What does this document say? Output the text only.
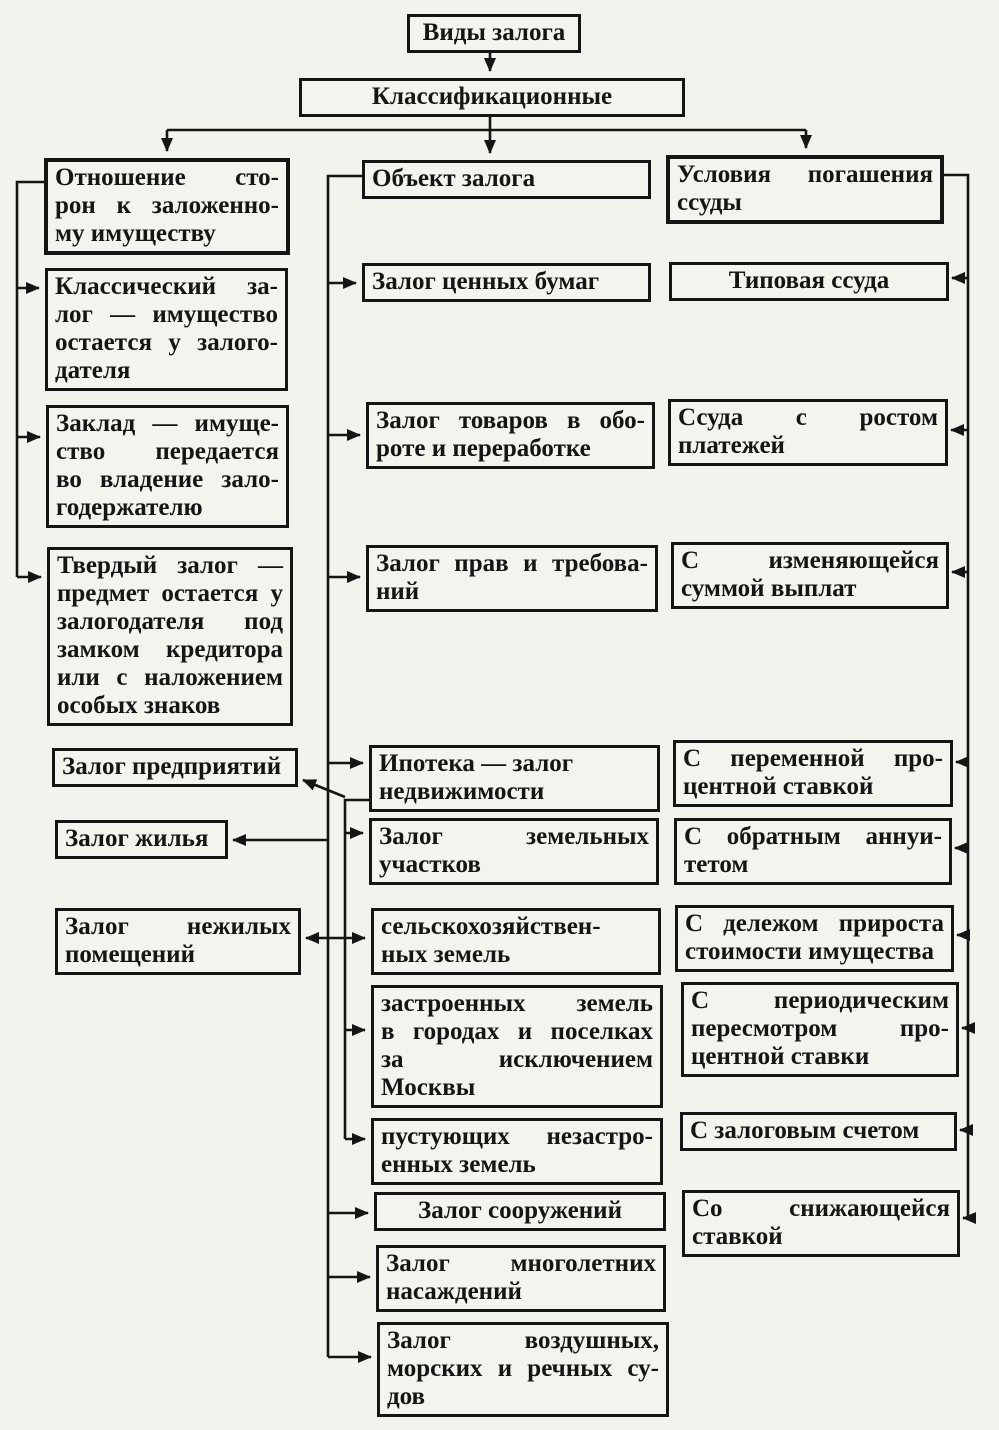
Виды залога
Классификационные
Отношение сто-
рон к заложенно-
му имуществу
Классический за-
лог — имущество
остается у залого-
дателя
Заклад — имуще-
ство передается
во владение зало-
годержателю
Твердый залог —
предмет остается у
залогодателя под
замком кредитора
или с наложением
особых знаков
Залог предприятий
Залог жилья
Залог нежилых
помещений
Объект залога
Залог ценных бумаг
Залог товаров в обо-
роте и переработке
Залог прав и требова-
ний
Ипотека — залог
недвижимости
Залог земельных
участков
сельскохозяйствен-
ных земель
застроенных земель
в городах и поселках
за исключением
Москвы
пустующих незастро-
енных земель
Залог сооружений
Залог многолетних
насаждений
Залог воздушных,
морских и речных су-
дов
Условия погашения
ссуды
Типовая ссуда
Ссуда с ростом
платежей
С изменяющейся
суммой выплат
С переменной про-
центной ставкой
С обратным аннуи-
тетом
С дележом прироста
стоимости имущества
С периодическим
пересмотром про-
центной ставки
С залоговым счетом
Со снижающейся
ставкой
